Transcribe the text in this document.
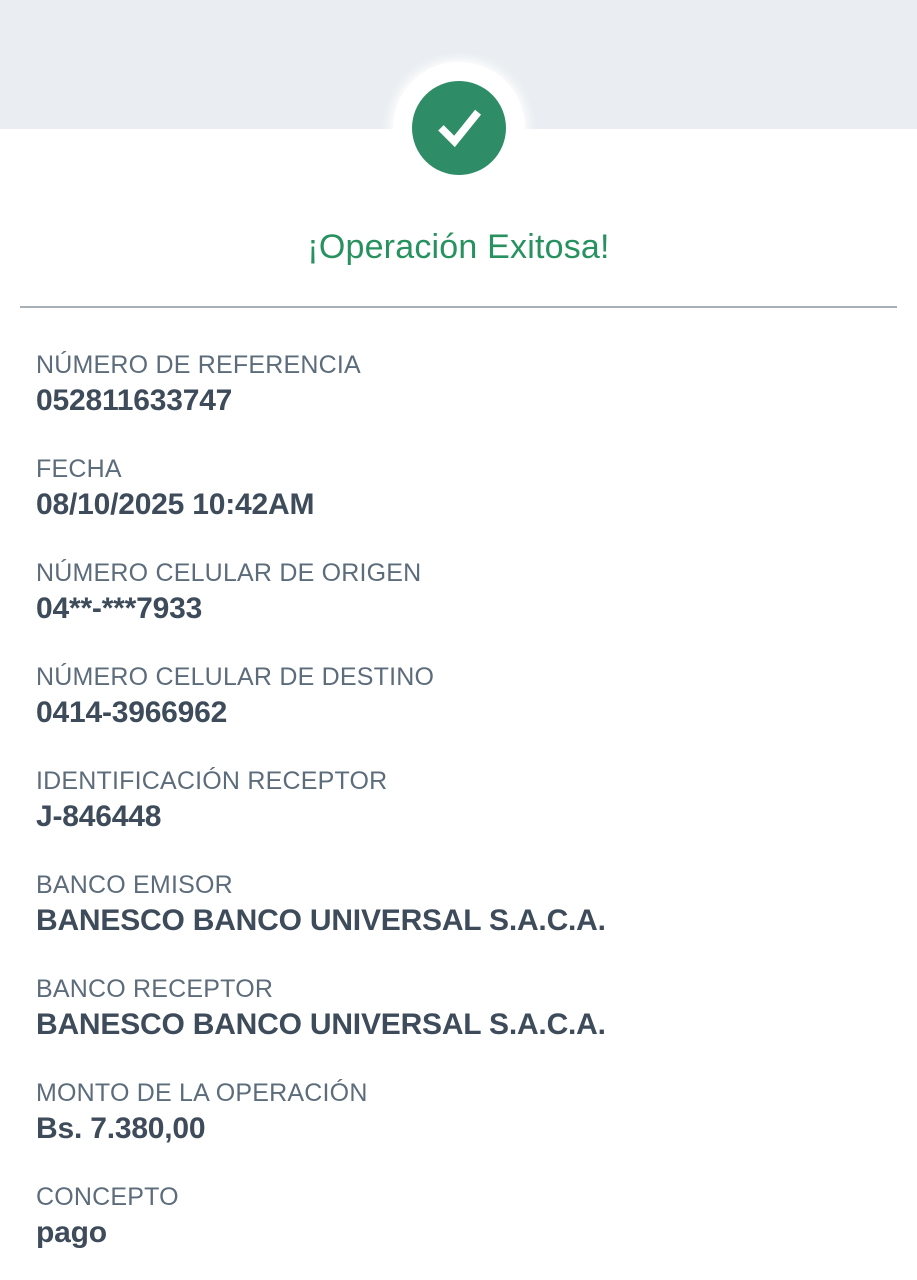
¡Operación Exitosa!
NÚMERO DE REFERENCIA
052811633747
FECHA
08/10/2025 10:42AM
NÚMERO CELULAR DE ORIGEN
04**-***7933
NÚMERO CELULAR DE DESTINO
0414-3966962
IDENTIFICACIÓN RECEPTOR
J-846448
BANCO EMISOR
BANESCO BANCO UNIVERSAL S.A.C.A.
BANCO RECEPTOR
BANESCO BANCO UNIVERSAL S.A.C.A.
MONTO DE LA OPERACIÓN
Bs. 7.380,00
CONCEPTO
pago
